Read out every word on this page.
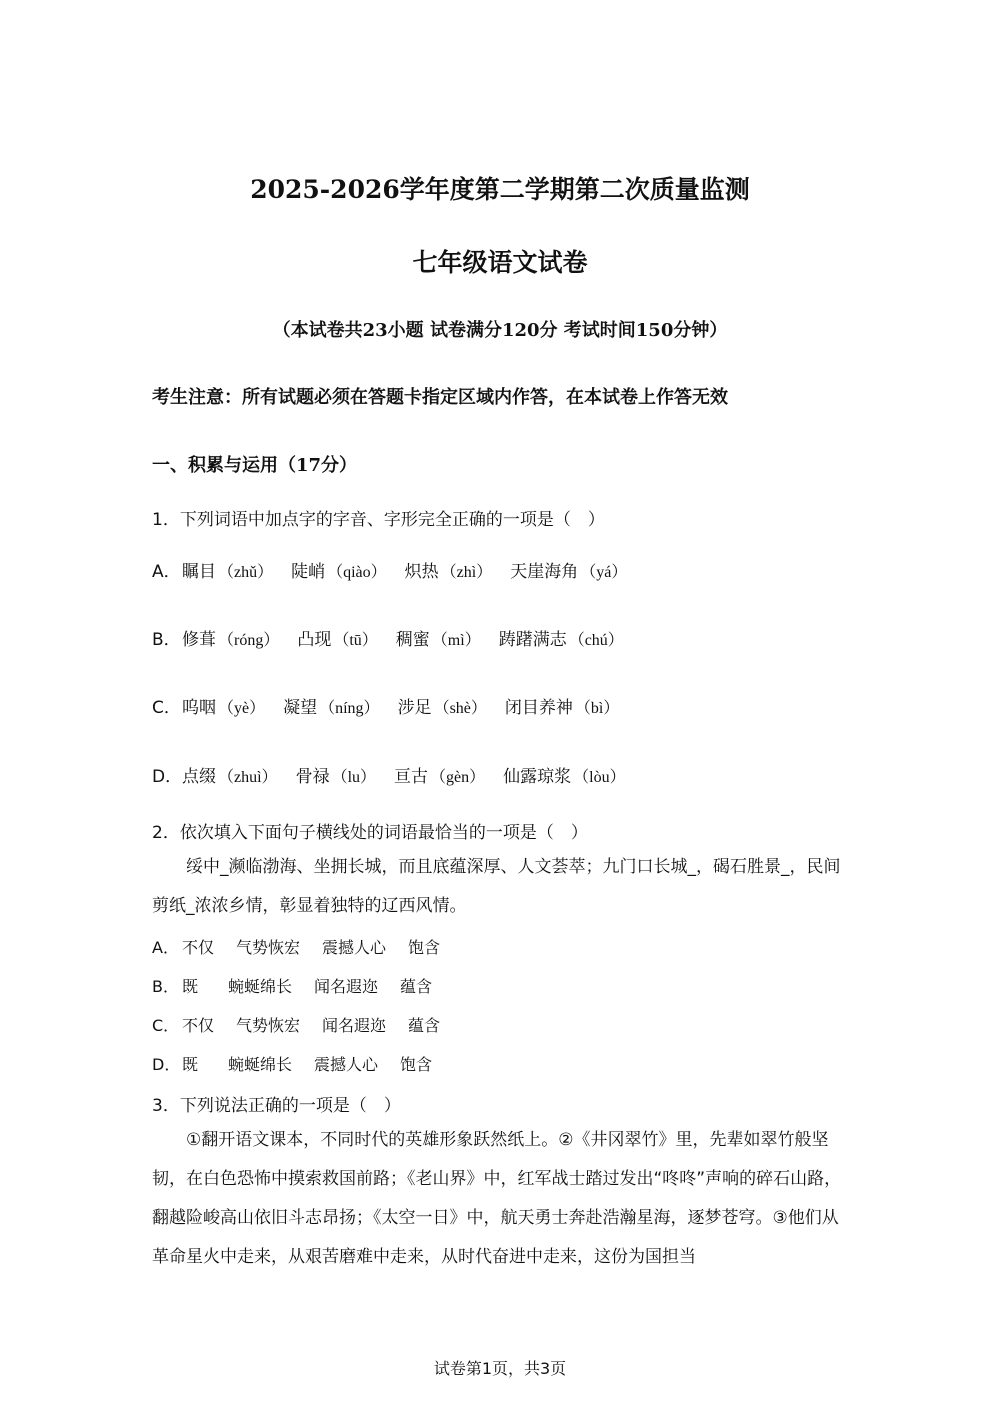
2025-2026学年度第二学期第二次质量监测
七年级语文试卷
（本试卷共23小题 试卷满分120分 考试时间150分钟）
考生注意：所有试题必须在答题卡指定区域内作答，在本试卷上作答无效
一、积累与运用（17分）
1．下列词语中加点字的字音、字形完全正确的一项是（　）
A． 瞩目 （zhǔ） 陡峭 （qiào） 炽热 （zhì） 天崖海角 （yá）
B． 修葺 （róng） 凸现 （tū） 稠蜜 （mì） 踌躇满志 （chú）
C． 呜咽 （yè） 凝望 （níng） 涉足 （shè） 闭目养神 （bì）
D． 点缀 （zhuì） 骨禄 （lu） 亘古 （gèn） 仙露琼浆 （lòu）
2．依次填入下面句子横线处的词语最恰当的一项是（　）
绥中_濒临渤海、坐拥长城，而且底蕴深厚、人文荟萃；九门口长城_，碣石胜景_，民间剪纸_浓浓乡情，彰显着独特的辽西风情。
A． 不仅 气势恢宏 震撼人心 饱含
B． 既 蜿蜒绵长 闻名遐迩 蕴含
C． 不仅 气势恢宏 闻名遐迩 蕴含
D． 既 蜿蜒绵长 震撼人心 饱含
3．下列说法正确的一项是（　）
①翻开语文课本，不同时代的英雄形象跃然纸上。②《井冈翠竹》里，先辈如翠竹般坚韧，在白色恐怖中摸索救国前路；《老山界》中，红军战士踏过发出“咚咚”声响的碎石山路，翻越险峻高山依旧斗志昂扬；《太空一日》中，航天勇士奔赴浩瀚星海，逐梦苍穹。③他们从革命星火中走来，从艰苦磨难中走来，从时代奋进中走来，这份为国担当
试卷第1页，共3页
